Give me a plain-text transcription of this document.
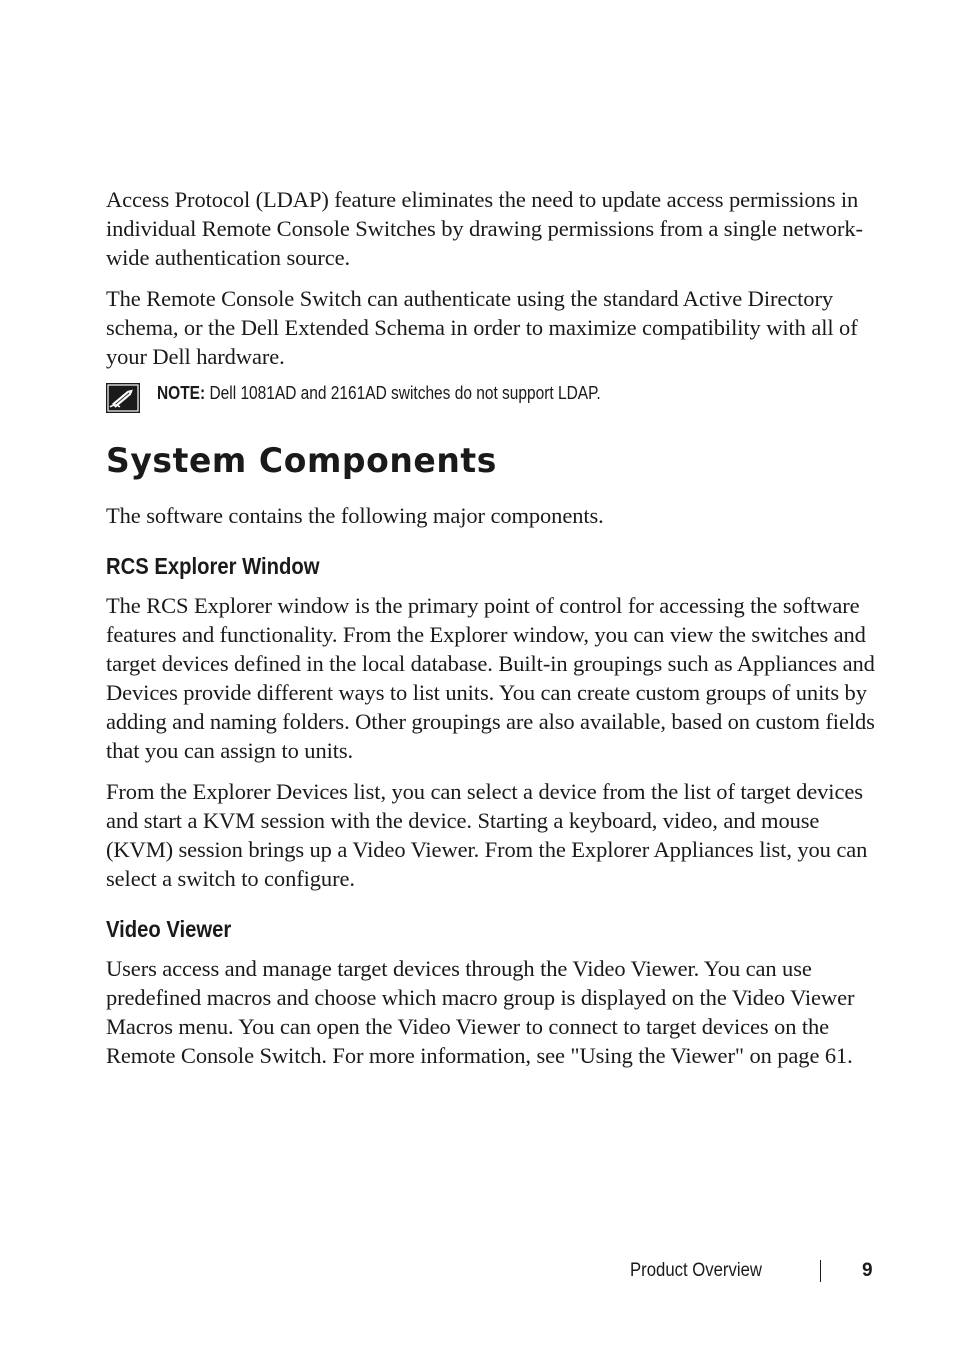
Access Protocol (LDAP) feature eliminates the need to update access permissions in individual Remote Console Switches by drawing permissions from a single network-wide authentication source.

The Remote Console Switch can authenticate using the standard Active Directory schema, or the Dell Extended Schema in order to maximize compatibility with all of your Dell hardware.

NOTE: Dell 1081AD and 2161AD switches do not support LDAP.
System Components

The software contains the following major components.

RCS Explorer Window

The RCS Explorer window is the primary point of control for accessing the software features and functionality. From the Explorer window, you can view the switches and target devices defined in the local database. Built-in groupings such as Appliances and Devices provide different ways to list units. You can create custom groups of units by adding and naming folders. Other groupings are also available, based on custom fields that you can assign to units.

From the Explorer Devices list, you can select a device from the list of target devices and start a KVM session with the device. Starting a keyboard, video, and mouse (KVM) session brings up a Video Viewer. From the Explorer Appliances list, you can select a switch to configure.

Video Viewer

Users access and manage target devices through the Video Viewer. You can use predefined macros and choose which macro group is displayed on the Video Viewer Macros menu. You can open the Video Viewer to connect to target devices on the Remote Console Switch. For more information, see "Using the Viewer" on page 61.

Product Overview	9
